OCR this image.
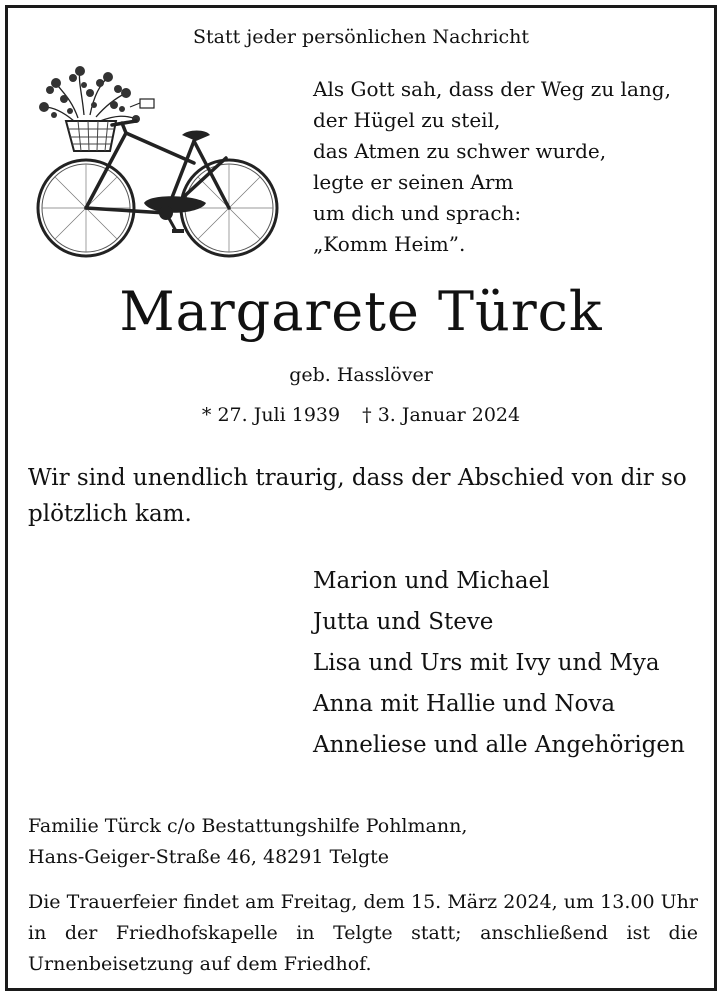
Statt jeder persönlichen Nachricht
Als Gott sah, dass der Weg zu lang,
der Hügel zu steil,
das Atmen zu schwer wurde,
legte er seinen Arm
um dich und sprach:
„Komm Heim”.
Margarete Türck
geb. Hasslöver
* 27. Juli 1939 † 3. Januar 2024
Wir sind unendlich traurig, dass der Abschied von dir so plötzlich kam.
Marion und Michael
Jutta und Steve
Lisa und Urs mit Ivy und Mya
Anna mit Hallie und Nova
Anneliese und alle Angehörigen
Familie Türck c/o Bestattungshilfe Pohlmann,
Hans-Geiger-Straße 46, 48291 Telgte
Die Trauerfeier findet am Freitag, dem 15. März 2024, um 13.00 Uhr in der Friedhofskapelle in Telgte statt; anschließend ist die Urnenbeisetzung auf dem Friedhof.
